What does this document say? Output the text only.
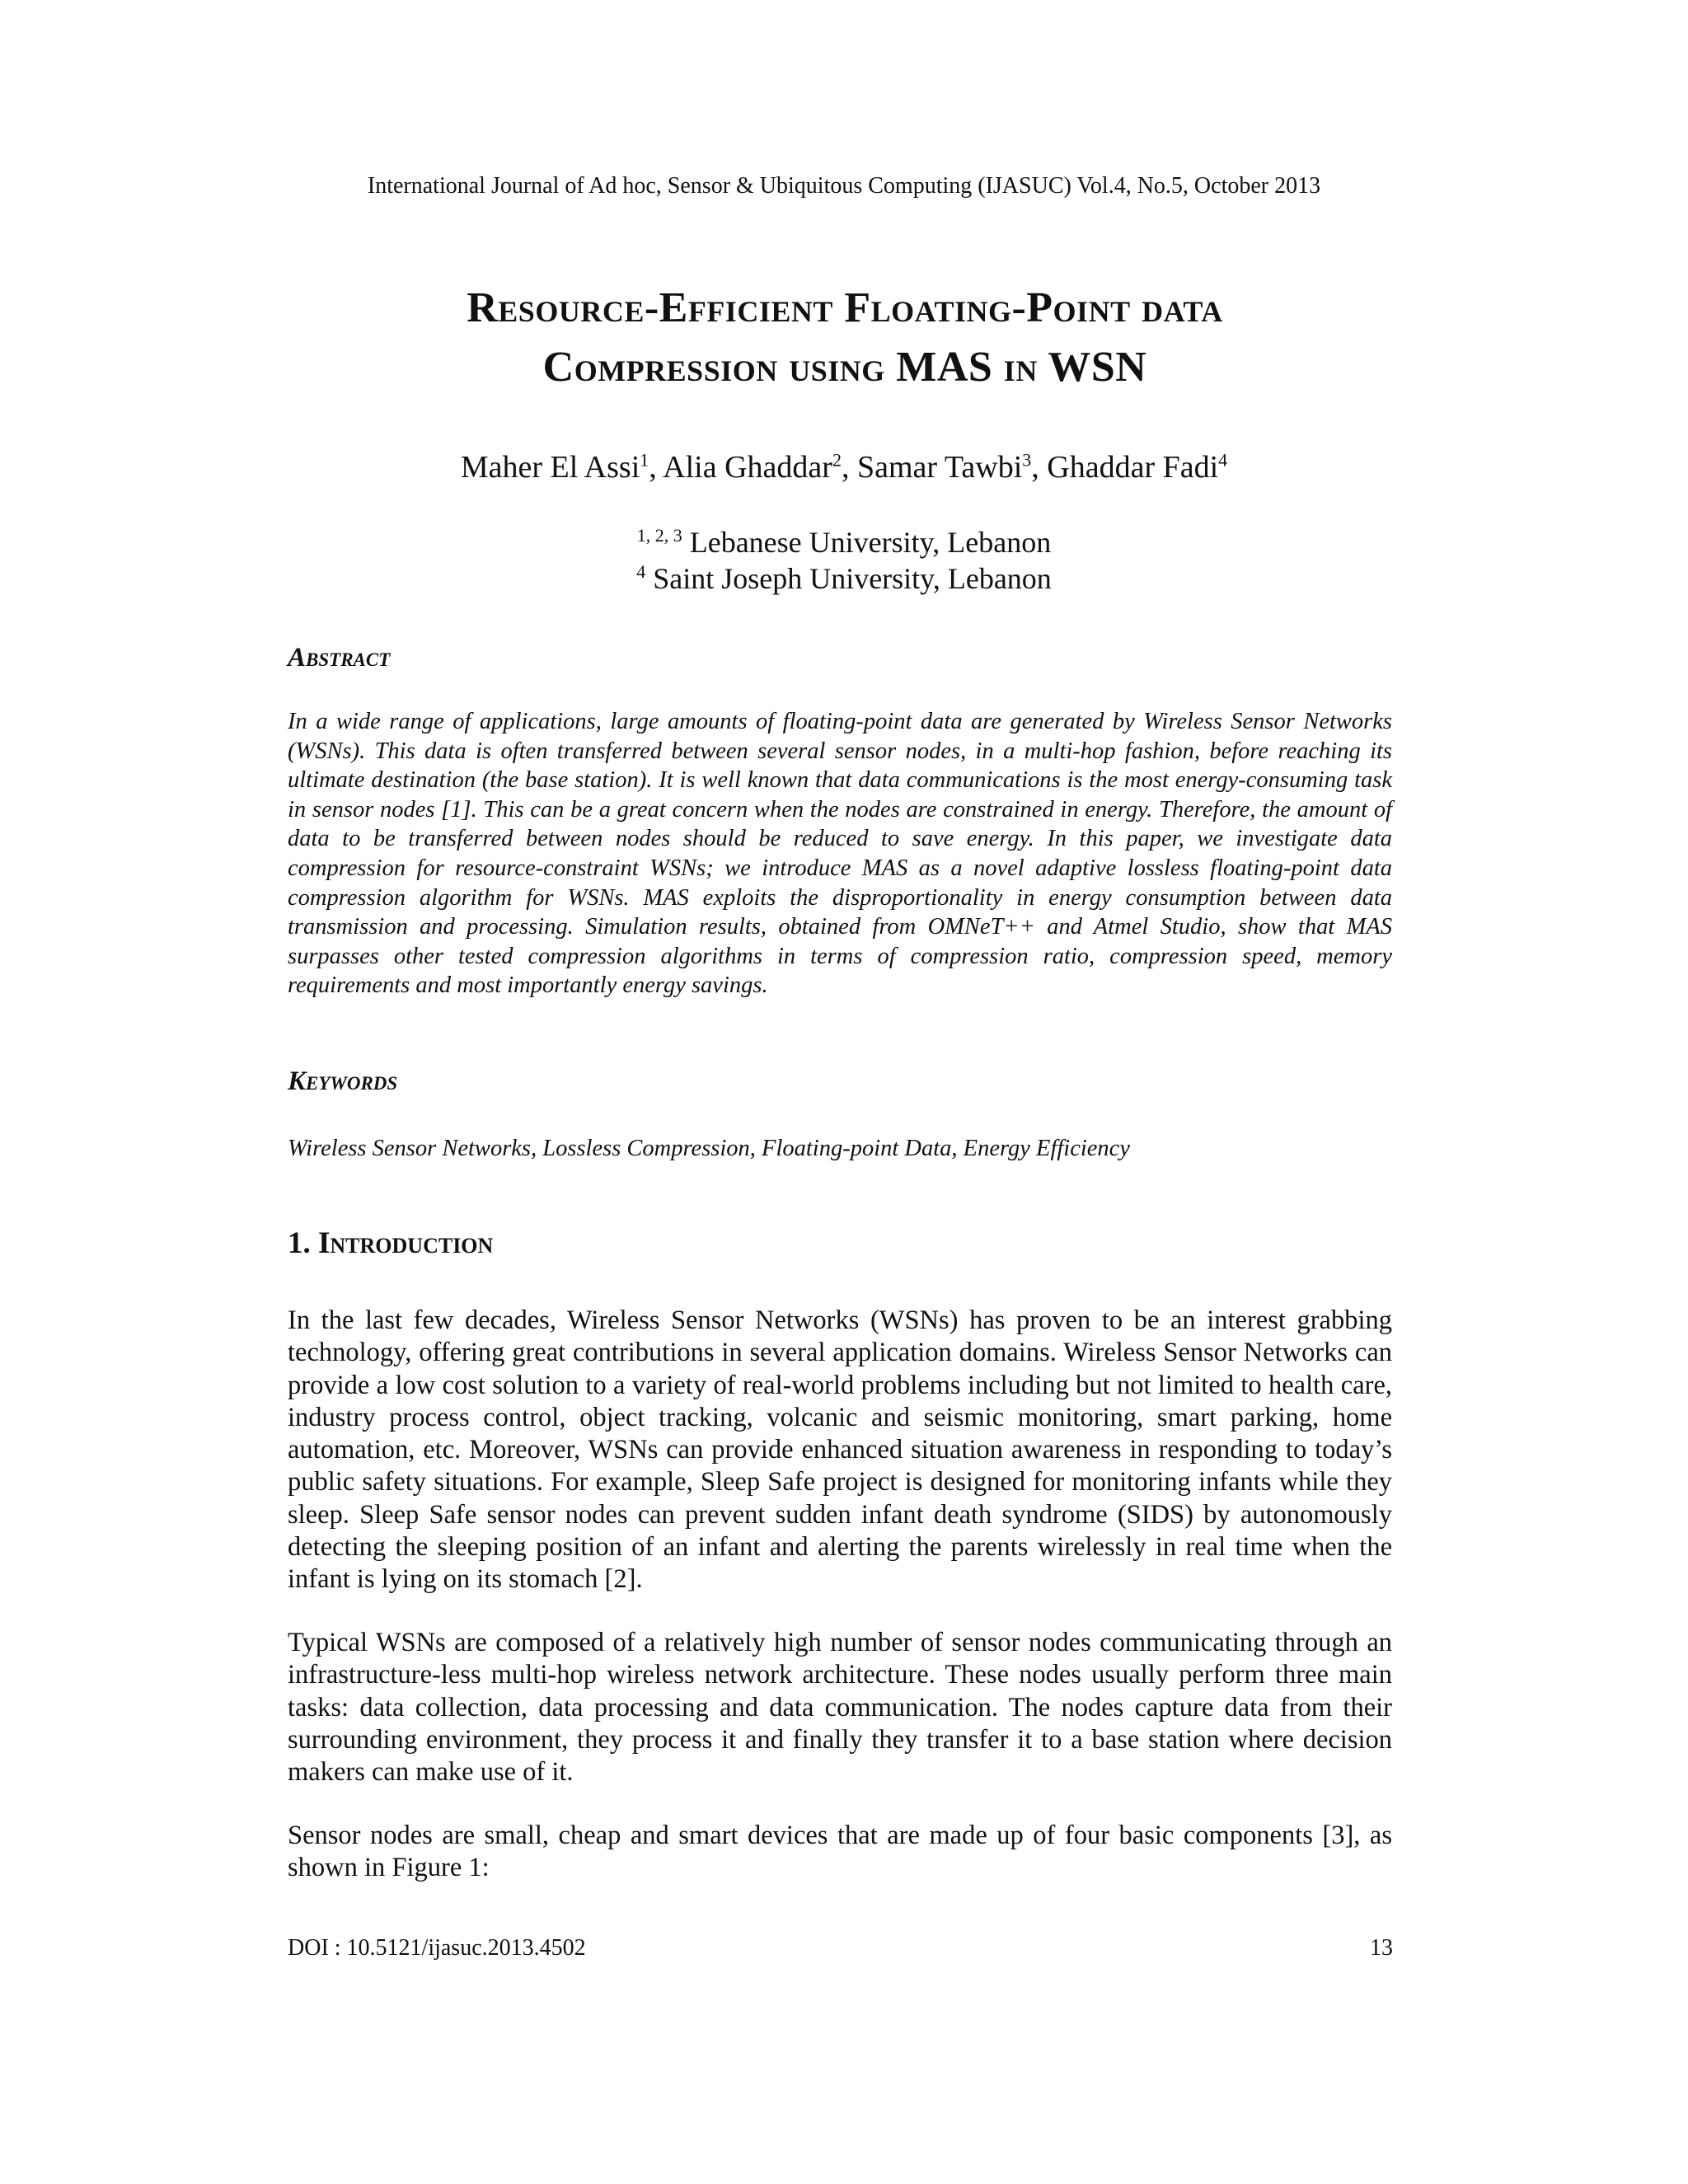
International Journal of Ad hoc, Sensor & Ubiquitous Computing (IJASUC) Vol.4, No.5, October 2013
Resource-Efficient Floating-Point data
Compression using MAS in WSN
Maher El Assi$^1$, Alia Ghaddar$^2$, Samar Tawbi$^3$, Ghaddar Fadi$^4$
$^{1, 2, 3}$ Lebanese University, Lebanon
$^4$ Saint Joseph University, Lebanon
Abstract
In a wide range of applications, large amounts of floating-point data are generated by Wireless Sensor Networks (WSNs). This data is often transferred between several sensor nodes, in a multi-hop fashion, before reaching its ultimate destination (the base station). It is well known that data communications is the most energy-consuming task in sensor nodes [1]. This can be a great concern when the nodes are constrained in energy. Therefore, the amount of data to be transferred between nodes should be reduced to save energy. In this paper, we investigate data compression for resource-constraint WSNs; we introduce MAS as a novel adaptive lossless floating-point data compression algorithm for WSNs. MAS exploits the disproportionality in energy consumption between data transmission and processing. Simulation results, obtained from OMNeT++ and Atmel Studio, show that MAS surpasses other tested compression algorithms in terms of compression ratio, compression speed, memory requirements and most importantly energy savings.
Keywords
Wireless Sensor Networks, Lossless Compression, Floating-point Data, Energy Efficiency
1. Introduction
In the last few decades, Wireless Sensor Networks (WSNs) has proven to be an interest grabbing technology, offering great contributions in several application domains. Wireless Sensor Networks can provide a low cost solution to a variety of real-world problems including but not limited to health care, industry process control, object tracking, volcanic and seismic monitoring, smart parking, home automation, etc. Moreover, WSNs can provide enhanced situation awareness in responding to today’s public safety situations. For example, Sleep Safe project is designed for monitoring infants while they sleep. Sleep Safe sensor nodes can prevent sudden infant death syndrome (SIDS) by autonomously detecting the sleeping position of an infant and alerting the parents wirelessly in real time when the infant is lying on its stomach [2].
Typical WSNs are composed of a relatively high number of sensor nodes communicating through an infrastructure-less multi-hop wireless network architecture. These nodes usually perform three main tasks: data collection, data processing and data communication. The nodes capture data from their surrounding environment, they process it and finally they transfer it to a base station where decision makers can make use of it.
Sensor nodes are small, cheap and smart devices that are made up of four basic components [3], as shown in Figure 1:
DOI : 10.5121/ijasuc.2013.4502	13
